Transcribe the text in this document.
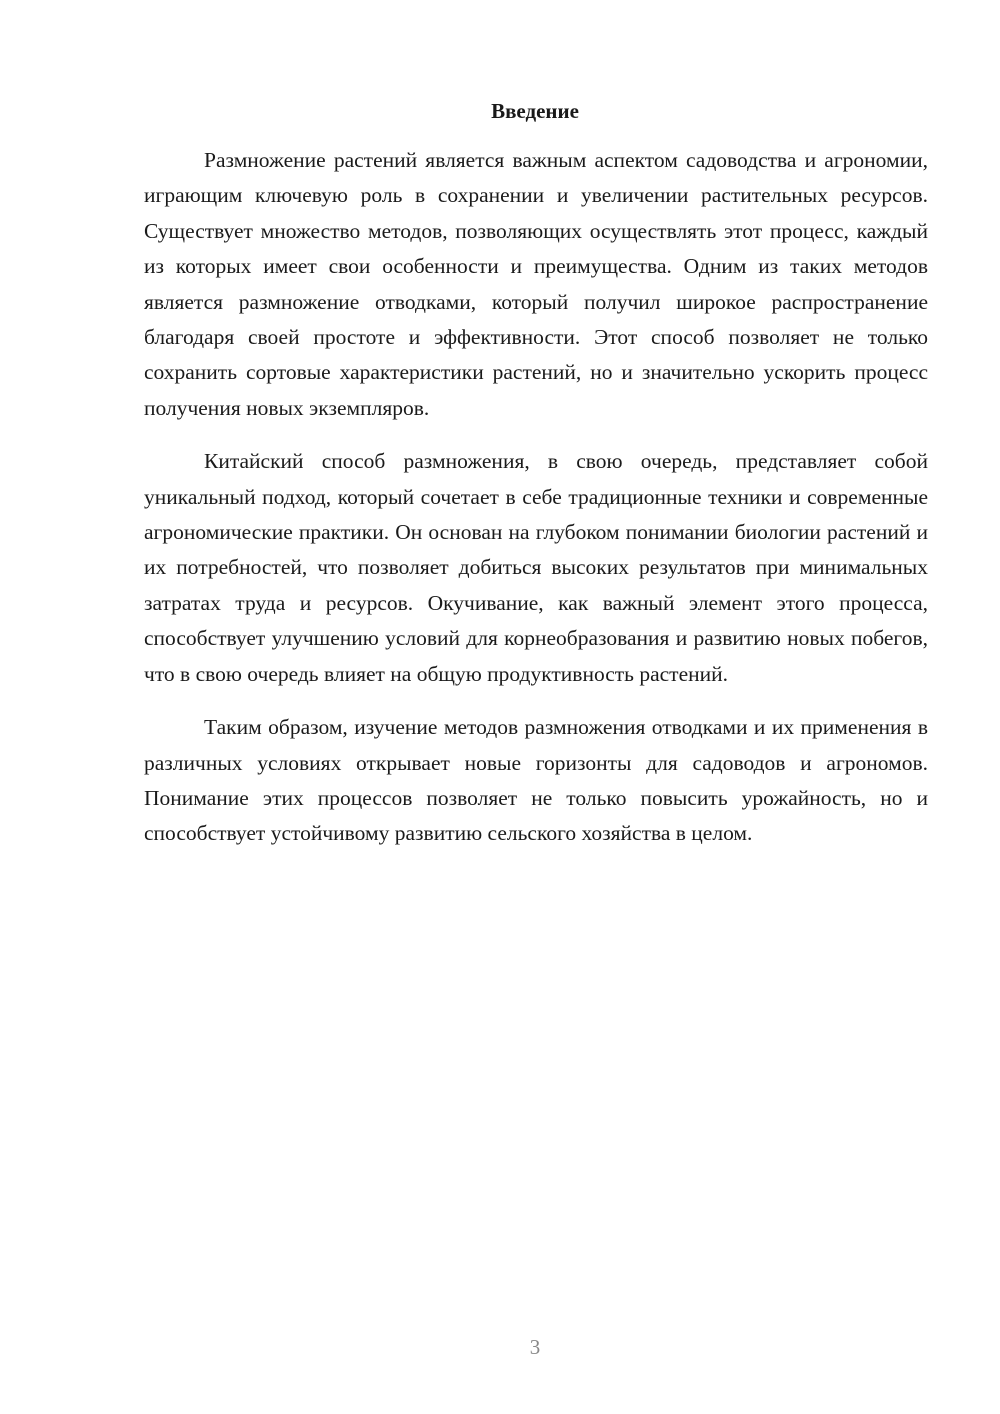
Введение

Размножение растений является важным аспектом садоводства и агрономии, играющим ключевую роль в сохранении и увеличении растительных ресурсов. Существует множество методов, позволяющих осуществлять этот процесс, каждый из которых имеет свои особенности и преимущества. Одним из таких методов является размножение отводками, который получил широкое распространение благодаря своей простоте и эффективности. Этот способ позволяет не только сохранить сортовые характеристики растений, но и значительно ускорить процесс получения новых экземпляров.

Китайский способ размножения, в свою очередь, представляет собой уникальный подход, который сочетает в себе традиционные техники и современные агрономические практики. Он основан на глубоком понимании биологии растений и их потребностей, что позволяет добиться высоких результатов при минимальных затратах труда и ресурсов. Окучивание, как важный элемент этого процесса, способствует улучшению условий для корнеобразования и развитию новых побегов, что в свою очередь влияет на общую продуктивность растений.

Таким образом, изучение методов размножения отводками и их применения в различных условиях открывает новые горизонты для садоводов и агрономов. Понимание этих процессов позволяет не только повысить урожайность, но и способствует устойчивому развитию сельского хозяйства в целом.

3
